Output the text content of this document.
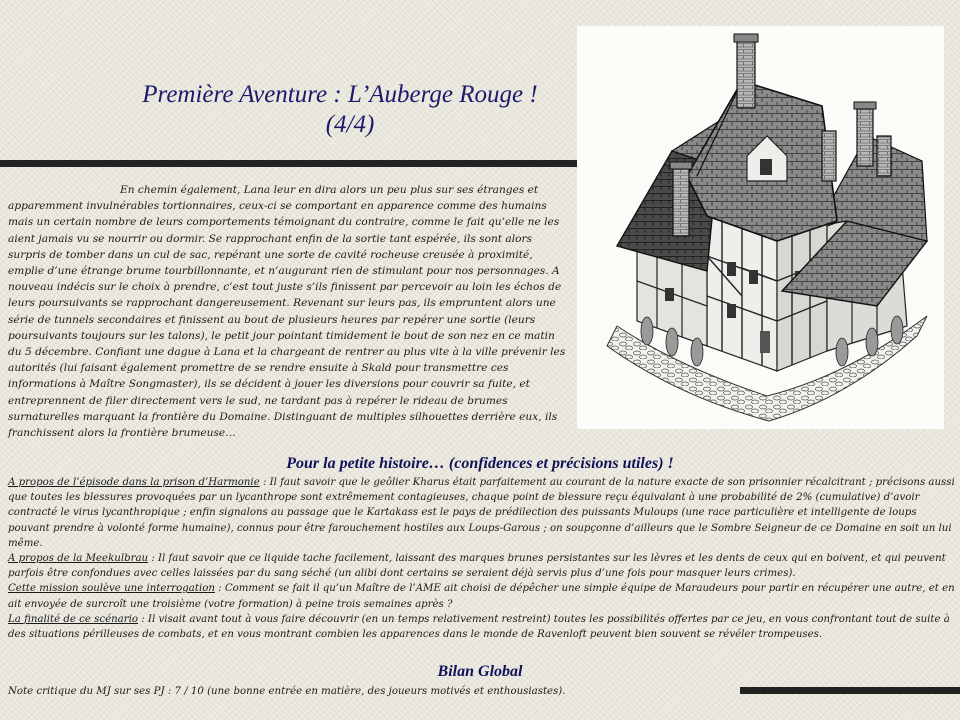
Première Aventure : L’Auberge Rouge !
(4/4)

En chemin également, Lana leur en dira alors un peu plus sur ses étranges et apparemment invulnérables tortionnaires, ceux-ci se comportant en apparence comme des humains mais un certain nombre de leurs comportements témoignant du contraire, comme le fait qu’elle ne les aient jamais vu se nourrir ou dormir. Se rapprochant enfin de la sortie tant espérée, ils sont alors surpris de tomber dans un cul de sac, repérant une sorte de cavité rocheuse creusée à proximité, emplie d’une étrange brume tourbillonnante, et n’augurant rien de stimulant pour nos personnages. A nouveau indécis sur le choix à prendre, c’est tout juste s’ils finissent par percevoir au loin les échos de leurs poursuivants se rapprochant dangereusement. Revenant sur leurs pas, ils empruntent alors une série de tunnels secondaires et finissent au bout de plusieurs heures par repérer une sortie (leurs poursuivants toujours sur les talons), le petit jour pointant timidement le bout de son nez en ce matin du 5 décembre. Confiant une dague à Lana et la chargeant de rentrer au plus vite à la ville prévenir les autorités (lui faisant également promettre de se rendre ensuite à Skald pour transmettre ces informations à Maître Songmaster), ils se décident à jouer les diversions pour couvrir sa fuite, et entreprennent de filer directement vers le sud, ne tardant pas à repérer le rideau de brumes surnaturelles marquant la frontière du Domaine. Distinguant de multiples silhouettes derrière eux, ils franchissent alors la frontière brumeuse…

Pour la petite histoire… (confidences et précisions utiles) !

A propos de l’épisode dans la prison d’Harmonie : Il faut savoir que le geôlier Kharus était parfaitement au courant de la nature exacte de son prisonnier récalcitrant ; précisons aussi que toutes les blessures provoquées par un lycanthrope sont extrêmement contagieuses, chaque point de blessure reçu équivalant à une probabilité de 2% (cumulative) d’avoir contracté le virus lycanthropique ; enfin signalons au passage que le Kartakass est le pays de prédilection des puissants Muloups (une race particulière et intelligente de loups pouvant prendre à volonté forme humaine), connus pour être farouchement hostiles aux Loups-Garous ; on soupçonne d’ailleurs que le Sombre Seigneur de ce Domaine en soit un lui même.

A propos de la Meekulbrau : Il faut savoir que ce liquide tache facilement, laissant des marques brunes persistantes sur les lèvres et les dents de ceux qui en boivent, et qui peuvent parfois être confondues avec celles laissées par du sang séché (un alibi dont certains se seraient déjà servis plus d’une fois pour masquer leurs crimes).

Cette mission soulève une interrogation : Comment se fait il qu’un Maître de l’AME ait choisi de dépêcher une simple équipe de Maraudeurs pour partir en récupérer une autre, et en ait envoyée de surcroît une troisième (votre formation) à peine trois semaines après ?

La finalité de ce scénario : Il visait avant tout à vous faire découvrir (en un temps relativement restreint) toutes les possibilités offertes par ce jeu, en vous confrontant tout de suite à des situations périlleuses de combats, et en vous montrant combien les apparences dans le monde de Ravenloft peuvent bien souvent se révéler trompeuses.

Bilan Global

Note critique du MJ sur ses PJ : 7 / 10 (une bonne entrée en matière, des joueurs motivés et enthousiastes).
